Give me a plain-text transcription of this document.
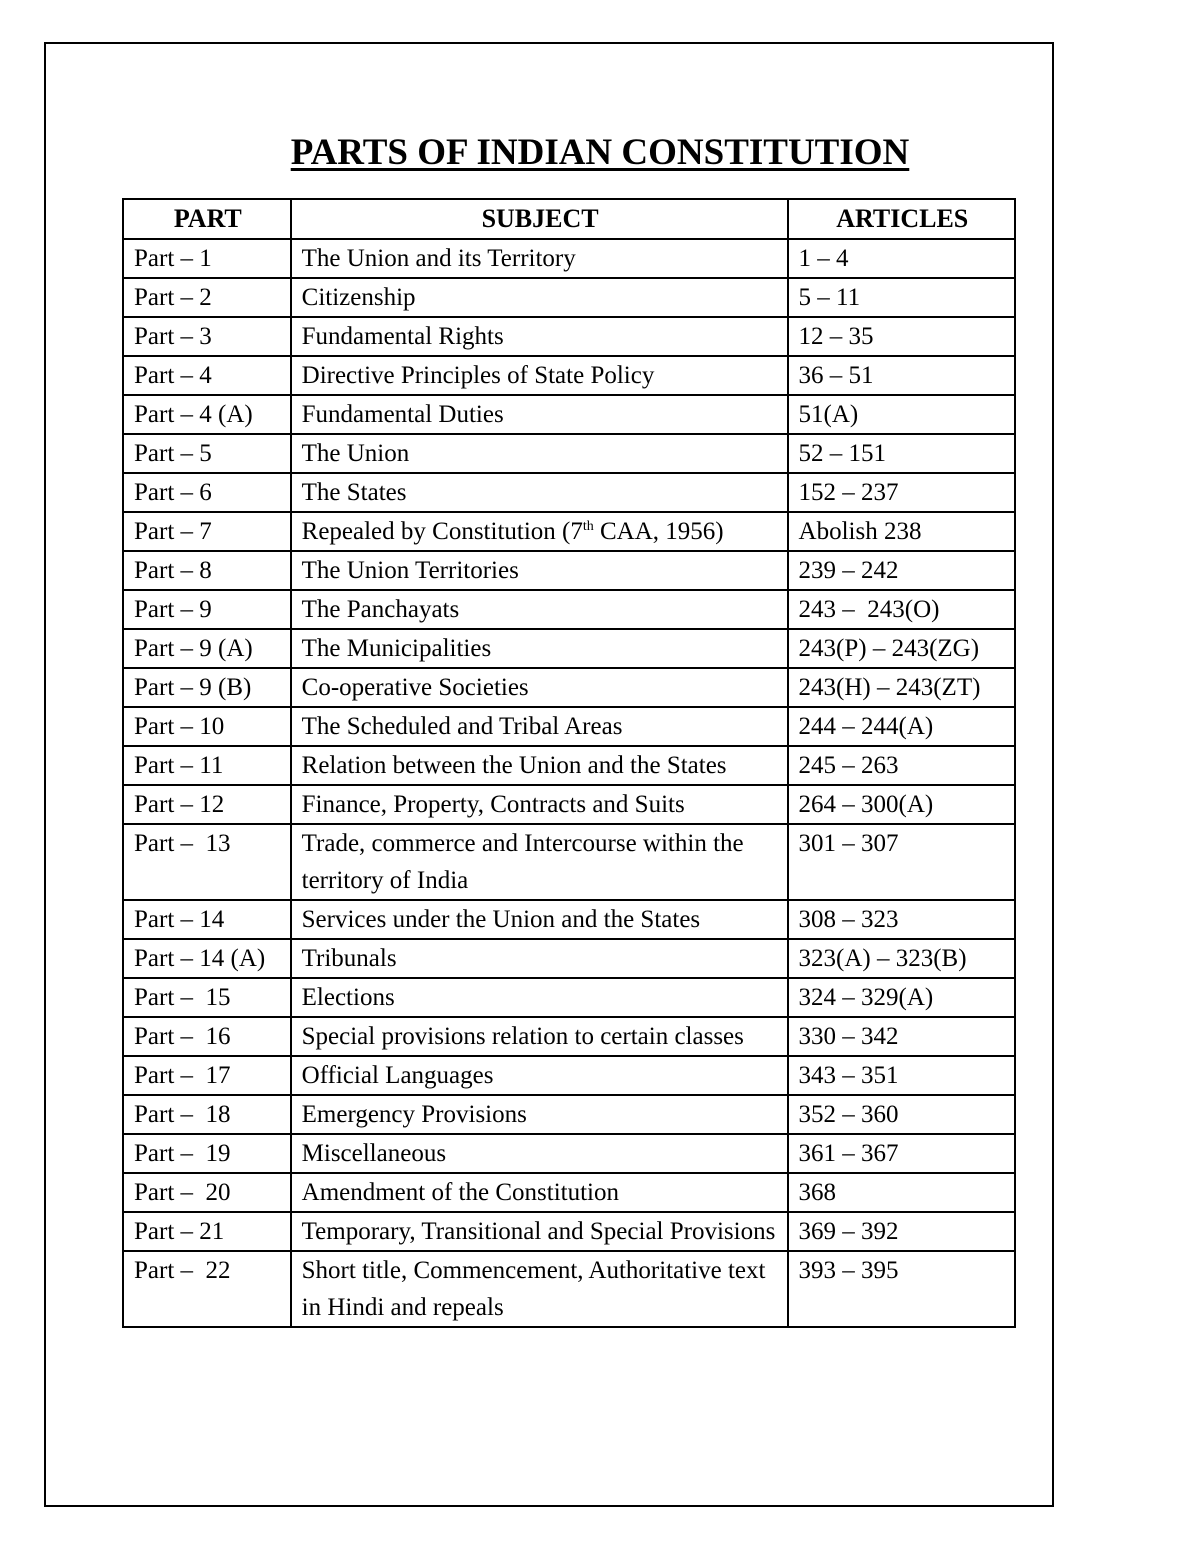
PARTS OF INDIAN CONSTITUTION
PART	SUBJECT	ARTICLES
Part – 1	The Union and its Territory	1 – 4
Part – 2	Citizenship	5 – 11
Part – 3	Fundamental Rights	12 – 35
Part – 4	Directive Principles of State Policy	36 – 51
Part – 4 (A)	Fundamental Duties	51(A)
Part – 5	The Union	52 – 151
Part – 6	The States	152 – 237
Part – 7	Repealed by Constitution (7th CAA, 1956)	Abolish 238
Part – 8	The Union Territories	239 – 242
Part – 9	The Panchayats	243 –  243(O)
Part – 9 (A)	The Municipalities	243(P) – 243(ZG)
Part – 9 (B)	Co-operative Societies	243(H) – 243(ZT)
Part – 10	The Scheduled and Tribal Areas	244 – 244(A)
Part – 11	Relation between the Union and the States	245 – 263
Part – 12	Finance, Property, Contracts and Suits	264 – 300(A)
Part –  13	Trade, commerce and Intercourse within the territory of India	301 – 307
Part – 14	Services under the Union and the States	308 – 323
Part – 14 (A)	Tribunals	323(A) – 323(B)
Part –  15	Elections	324 – 329(A)
Part –  16	Special provisions relation to certain classes	330 – 342
Part –  17	Official Languages	343 – 351
Part –  18	Emergency Provisions	352 – 360
Part –  19	Miscellaneous	361 – 367
Part –  20	Amendment of the Constitution	368
Part – 21	Temporary, Transitional and Special Provisions	369 – 392
Part –  22	Short title, Commencement, Authoritative text in Hindi and repeals	393 – 395
